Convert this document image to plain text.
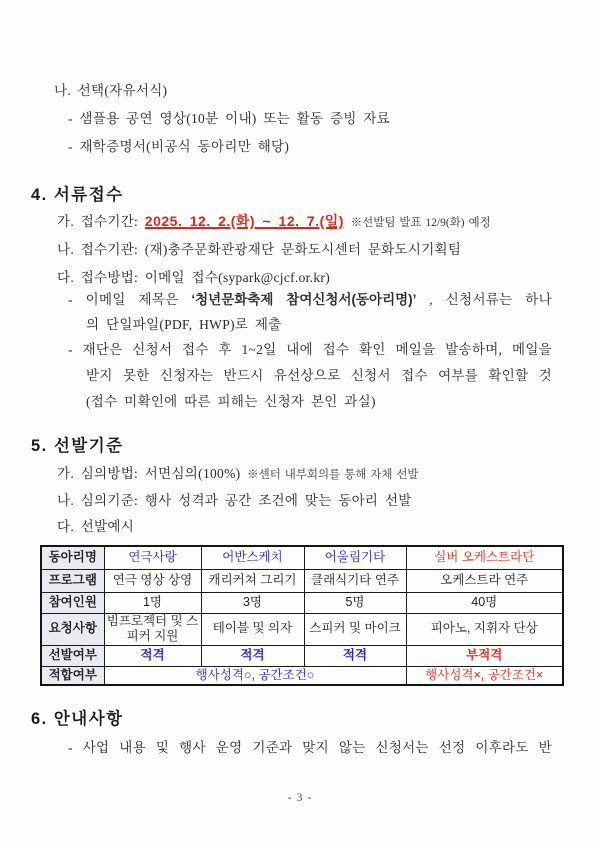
나. 선택(자유서식)
- 샘플용 공연 영상(10분 이내) 또는 활동 증빙 자료
- 재학증명서(비공식 동아리만 해당)
4. 서류접수
가. 접수기간: 2025. 12. 2.(화) ~ 12. 7.(일) ※선발팀 발표 12/9(화) 예정
나. 접수기관: (재)충주문화관광재단 문화도시센터 문화도시기획팀
다. 접수방법: 이메일 접수(sypark@cjcf.or.kr)
- 이메일 제목은 ‘청년문화축제 참여신청서(동아리명)’ , 신청서류는 하나
의 단일파일(PDF, HWP)로 제출
- 재단은 신청서 접수 후 1~2일 내에 접수 확인 메일을 발송하며, 메일을
받지 못한 신청자는 반드시 유선상으로 신청서 접수 여부를 확인할 것
(접수 미확인에 따른 피해는 신청자 본인 과실)
5. 선발기준
가. 심의방법: 서면심의(100%) ※센터 내부회의를 통해 자체 선발
나. 심의기준: 행사 성격과 공간 조건에 맞는 동아리 선발
다. 선발예시
동아리명	연극사랑	어반스케치	어울림기타	실버 오케스트라단
프로그램	연극 영상 상영	캐리커쳐 그리기	클래식기타 연주	오케스트라 연주
참여인원	1명	3명	5명	40명
요청사항	빔프로젝터 및 스피커 지원	테이블 및 의자	스피커 및 마이크	피아노, 지휘자 단상
선발여부	적격	적격	적격	부적격
적합여부	행사성격○, 공간조건○			행사성격×, 공간조건×
6. 안내사항
- 사업 내용 및 행사 운영 기준과 맞지 않는 신청서는 선정 이후라도 반
- 3 -
